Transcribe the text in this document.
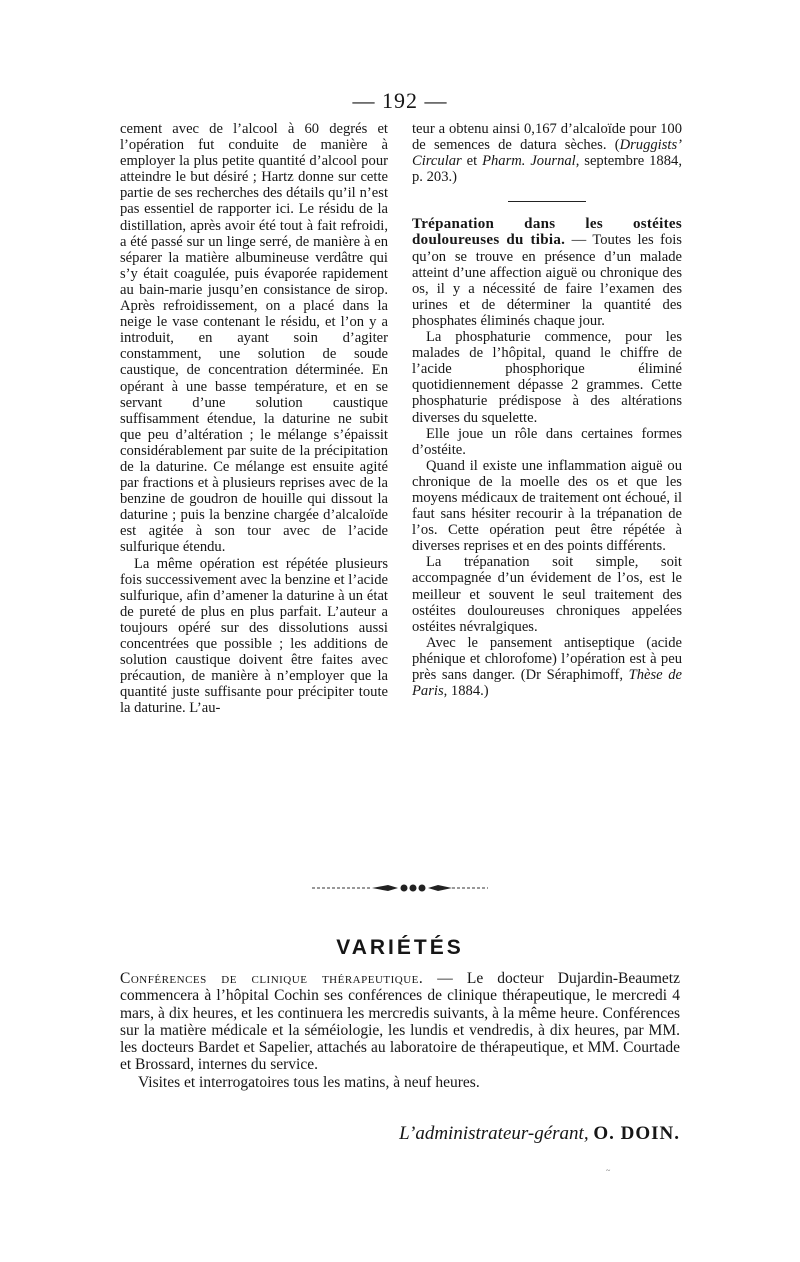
— 192 —

cement avec de l’alcool à 60 degrés et l’opération fut conduite de manière à employer la plus petite quantité d’alcool pour atteindre le but désiré ; Hartz donne sur cette partie de ses recherches des détails qu’il n’est pas essentiel de rapporter ici. Le résidu de la distillation, après avoir été tout à fait refroidi, a été passé sur un linge serré, de manière à en séparer la matière albumineuse verdâtre qui s’y était coagulée, puis évaporée rapidement au bain-marie jusqu’en consistance de sirop. Après refroidissement, on a placé dans la neige le vase contenant le résidu, et l’on y a introduit, en ayant soin d’agiter constamment, une solution de soude caustique, de concentration déterminée. En opérant à une basse température, et en se servant d’une solution caustique suffisamment étendue, la daturine ne subit que peu d’altération ; le mélange s’épaissit considérablement par suite de la précipitation de la daturine. Ce mélange est ensuite agité par fractions et à plusieurs reprises avec de la benzine de goudron de houille qui dissout la daturine ; puis la benzine chargée d’alcaloïde est agitée à son tour avec de l’acide sulfurique étendu.

La même opération est répétée plusieurs fois successivement avec la benzine et l’acide sulfurique, afin d’amener la daturine à un état de pureté de plus en plus parfait. L’auteur a toujours opéré sur des dissolutions aussi concentrées que possible ; les additions de solution caustique doivent être faites avec précaution, de manière à n’employer que la quantité juste suffisante pour précipiter toute la daturine. L’au-

teur a obtenu ainsi 0,167 d’alcaloïde pour 100 de semences de datura sèches. (Druggists’ Circular et Pharm. Journal, septembre 1884, p. 203.)

Trépanation dans les ostéites douloureuses du tibia. — Toutes les fois qu’on se trouve en présence d’un malade atteint d’une affection aiguë ou chronique des os, il y a nécessité de faire l’examen des urines et de déterminer la quantité des phosphates éliminés chaque jour.

La phosphaturie commence, pour les malades de l’hôpital, quand le chiffre de l’acide phosphorique éliminé quotidiennement dépasse 2 grammes. Cette phosphaturie prédispose à des altérations diverses du squelette.

Elle joue un rôle dans certaines formes d’ostéite.

Quand il existe une inflammation aiguë ou chronique de la moelle des os et que les moyens médicaux de traitement ont échoué, il faut sans hésiter recourir à la trépanation de l’os. Cette opération peut être répétée à diverses reprises et en des points différents.

La trépanation soit simple, soit accompagnée d’un évidement de l’os, est le meilleur et souvent le seul traitement des ostéites douloureuses chroniques appelées ostéites névralgiques.

Avec le pansement antiseptique (acide phénique et chlorofome) l’opération est à peu près sans danger. (Dr Séraphimoff, Thèse de Paris, 1884.)

VARIÉTÉS

Conférences de clinique thérapeutique. — Le docteur Dujardin-Beaumetz commencera à l’hôpital Cochin ses conférences de clinique thérapeutique, le mercredi 4 mars, à dix heures, et les continuera les mercredis suivants, à la même heure. Conférences sur la matière médicale et la séméiologie, les lundis et vendredis, à dix heures, par MM. les docteurs Bardet et Sapelier, attachés au laboratoire de thérapeutique, et MM. Courtade et Brossard, internes du service.

Visites et interrogatoires tous les matins, à neuf heures.

L’administrateur-gérant, O. DOIN.
~
